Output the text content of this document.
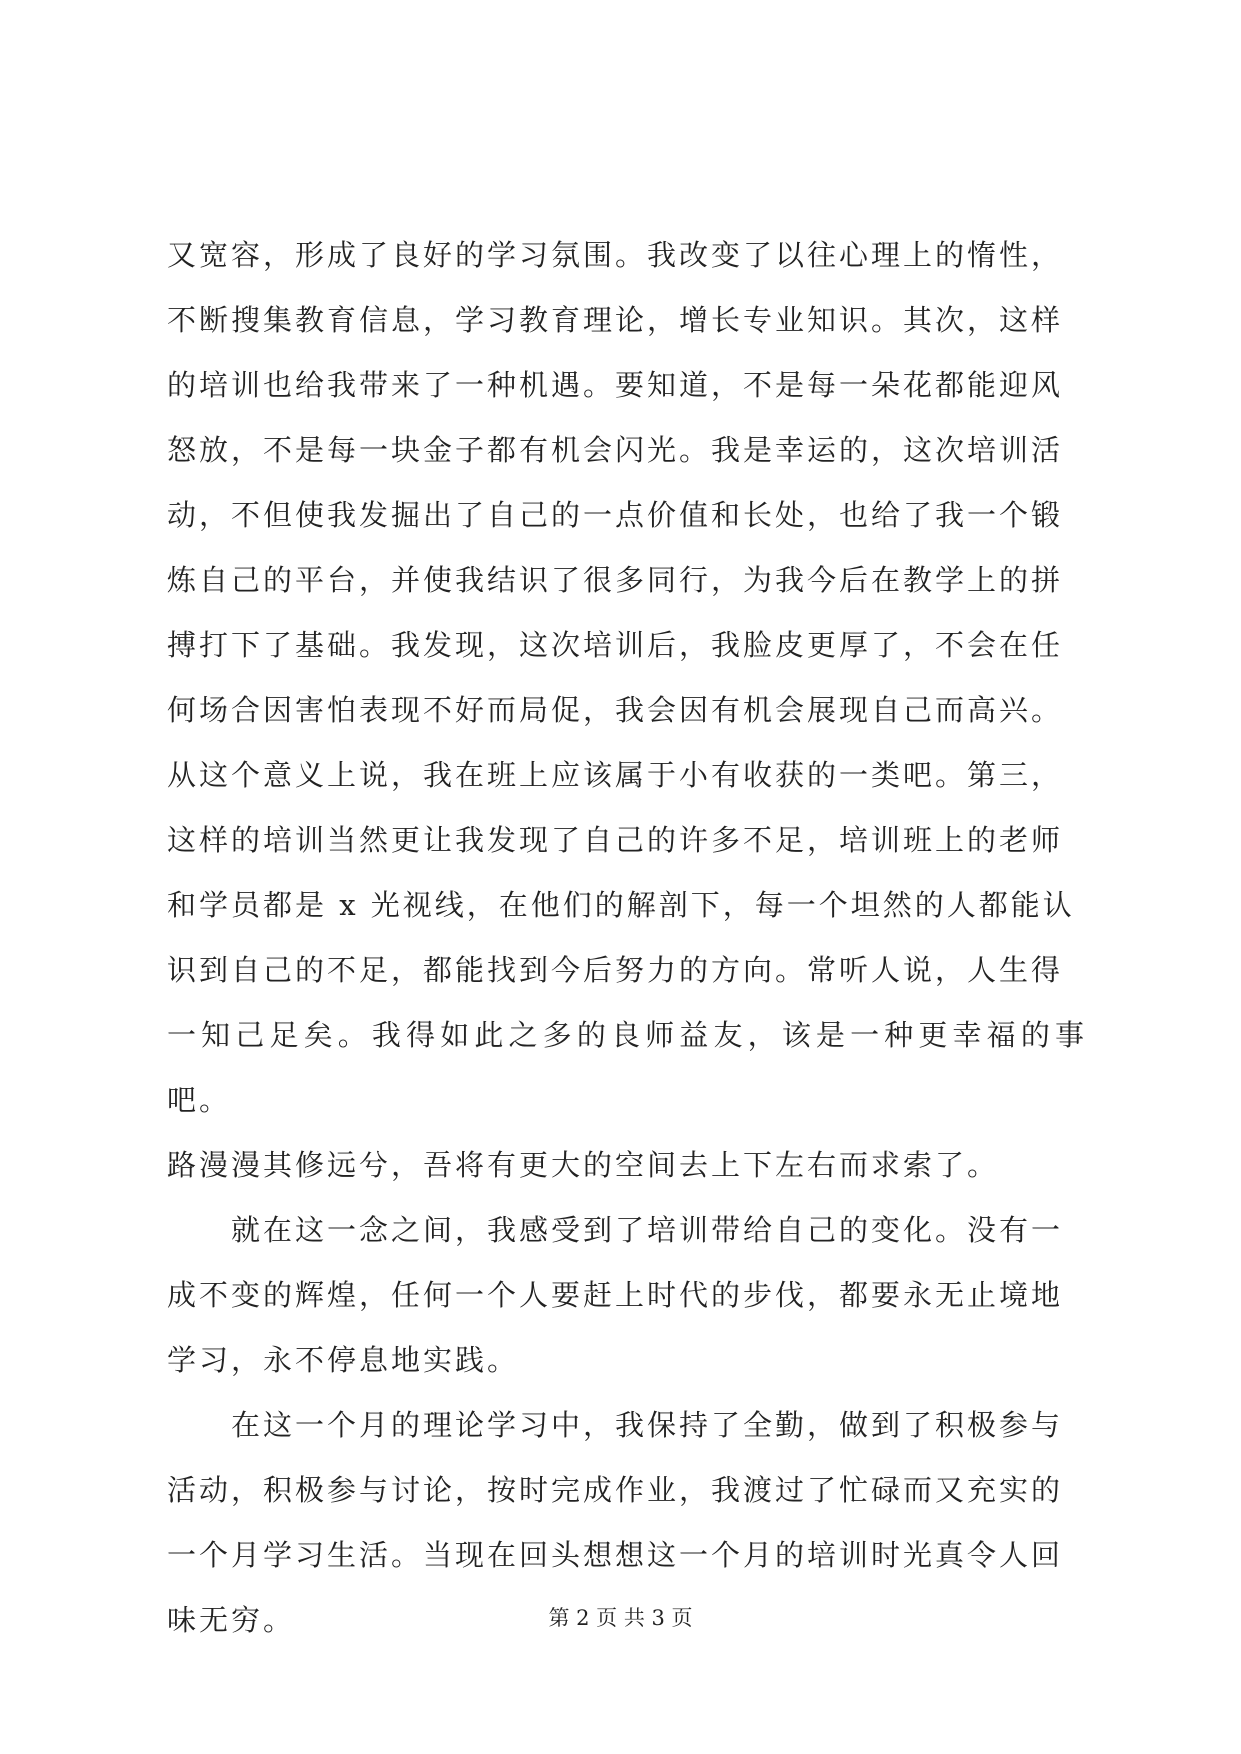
又宽容，形成了良好的学习氛围。我改变了以往心理上的惰性，
不断搜集教育信息，学习教育理论，增长专业知识。其次，这样
的培训也给我带来了一种机遇。要知道，不是每一朵花都能迎风
怒放，不是每一块金子都有机会闪光。我是幸运的，这次培训活
动，不但使我发掘出了自己的一点价值和长处，也给了我一个锻
炼自己的平台，并使我结识了很多同行，为我今后在教学上的拼
搏打下了基础。我发现，这次培训后，我脸皮更厚了，不会在任
何场合因害怕表现不好而局促，我会因有机会展现自己而高兴。
从这个意义上说，我在班上应该属于小有收获的一类吧。第三，
这样的培训当然更让我发现了自己的许多不足，培训班上的老师
和学员都是 x 光视线，在他们的解剖下，每一个坦然的人都能认
识到自己的不足，都能找到今后努力的方向。常听人说，人生得
一知己足矣。我得如此之多的良师益友，该是一种更幸福的事吧。
路漫漫其修远兮，吾将有更大的空间去上下左右而求索了。
就在这一念之间，我感受到了培训带给自己的变化。没有一
成不变的辉煌，任何一个人要赶上时代的步伐，都要永无止境地
学习，永不停息地实践。
在这一个月的理论学习中，我保持了全勤，做到了积极参与
活动，积极参与讨论，按时完成作业，我渡过了忙碌而又充实的
一个月学习生活。当现在回头想想这一个月的培训时光真令人回
味无穷。	第 2 页 共 3 页
